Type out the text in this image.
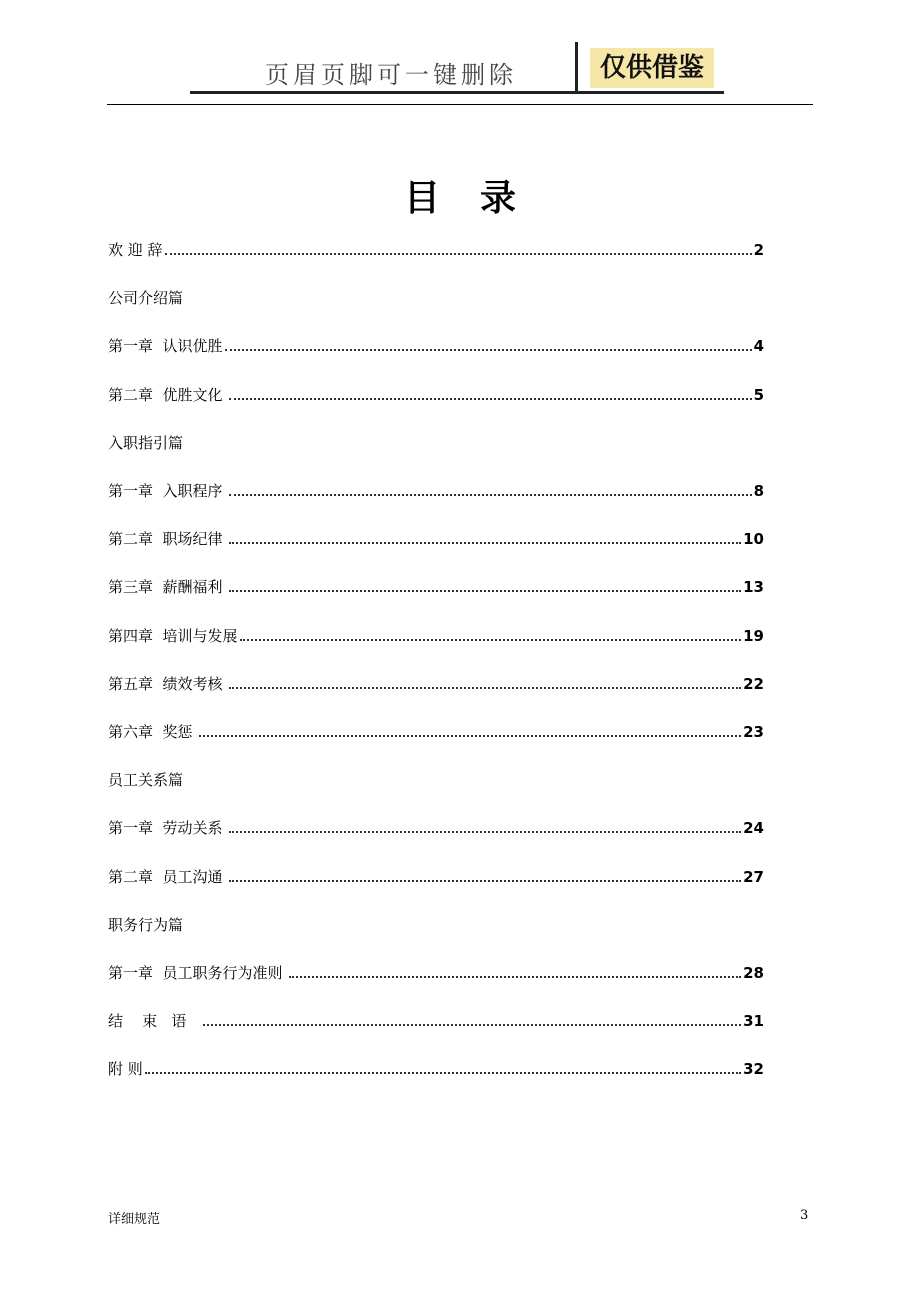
页眉页脚可一键删除	仅供借鉴
目录
欢 迎 辞	2
公司介绍篇
第一章  认识优胜	4
第二章  优胜文化	5
入职指引篇
第一章  入职程序	8
第二章  职场纪律	10
第三章  薪酬福利	13
第四章  培训与发展	19
第五章  绩效考核	22
第六章  奖惩	23
员工关系篇
第一章  劳动关系	24
第二章  员工沟通	27
职务行为篇
第一章  员工职务行为准则	28
结    束   语	31
附 则	32
详细规范	3
